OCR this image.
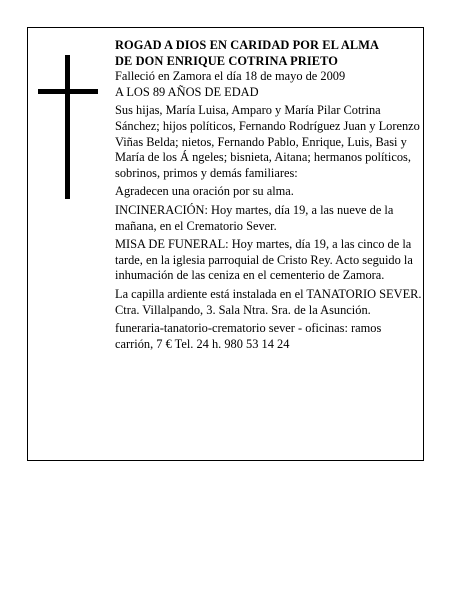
ROGAD A DIOS EN CARIDAD POR EL ALMA

DE DON ENRIQUE COTRINA PRIETO

Falleció en Zamora el día 18 de mayo de 2009

A LOS 89 AÑOS DE EDAD

Sus hijas, María Luisa, Amparo y María Pilar Cotrina Sánchez; hijos políticos, Fernando Rodríguez Juan y Lorenzo Viñas Belda; nietos, Fernando Pablo, Enrique, Luis, Basi y María de los Á ngeles; bisnieta, Aitana; hermanos políticos, sobrinos, primos y demás familiares:

Agradecen una oración por su alma.

INCINERACIÓN: Hoy martes, día 19, a las nueve de la mañana, en el Crematorio Sever.

MISA DE FUNERAL: Hoy martes, día 19, a las cinco de la tarde, en la iglesia parroquial de Cristo Rey. Acto seguido la inhumación de las ceniza en el cementerio de Zamora.

La capilla ardiente está instalada en el TANATORIO SEVER. Ctra. Villalpando, 3. Sala Ntra. Sra. de la Asunción.

funeraria-tanatorio-crematorio sever - oficinas: ramos carrión, 7 € Tel. 24 h. 980 53 14 24
